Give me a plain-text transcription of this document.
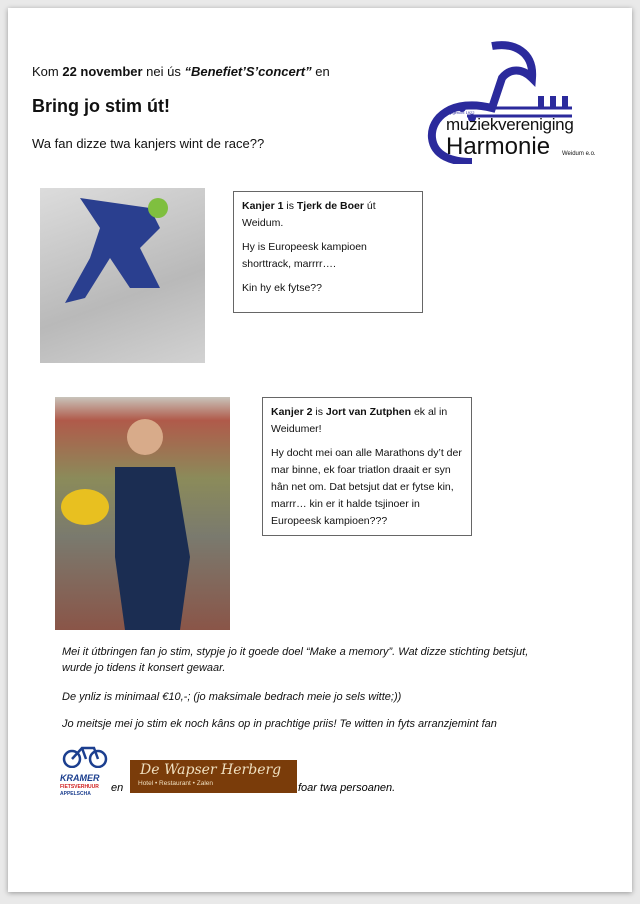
Kom 22 november nei ús “Benefiet’S’concert” en
Bring jo stim út!
Wa fan dizze twa kanjers wint de race??
opgericht 1922
muziekvereniging
Harmonie Weidum e.o.

Kanjer 1 is Tjerk de Boer út Weidum.

Hy is Europeesk kampioen shorttrack, marrrr….

Kin hy ek fytse??

Kanjer 2 is Jort van Zutphen ek al in Weidumer!

Hy docht mei oan alle Marathons dy’t der mar binne, ek foar triatlon draait er syn hân net om. Dat betsjut dat er fytse kin, marrr… kin er it halde tsjinoer in Europeesk kampioen???

Mei it útbringen fan jo stim, stypje jo it goede doel “Make a memory”. Wat dizze stichting betsjut, wurde jo tidens it konsert gewaar.
De ynliz is minimaal €10,-; (jo maksimale bedrach meie jo sels witte;))
Jo meitsje mei jo stim ek noch kâns op in prachtige priis! Te witten in fyts arranzjemint fan
KRAMER
FIETSVERHUUR
APPELSCHA	en
De Wapser Herberg
Hotel • Restaurant • Zalen	foar twa persoanen.
